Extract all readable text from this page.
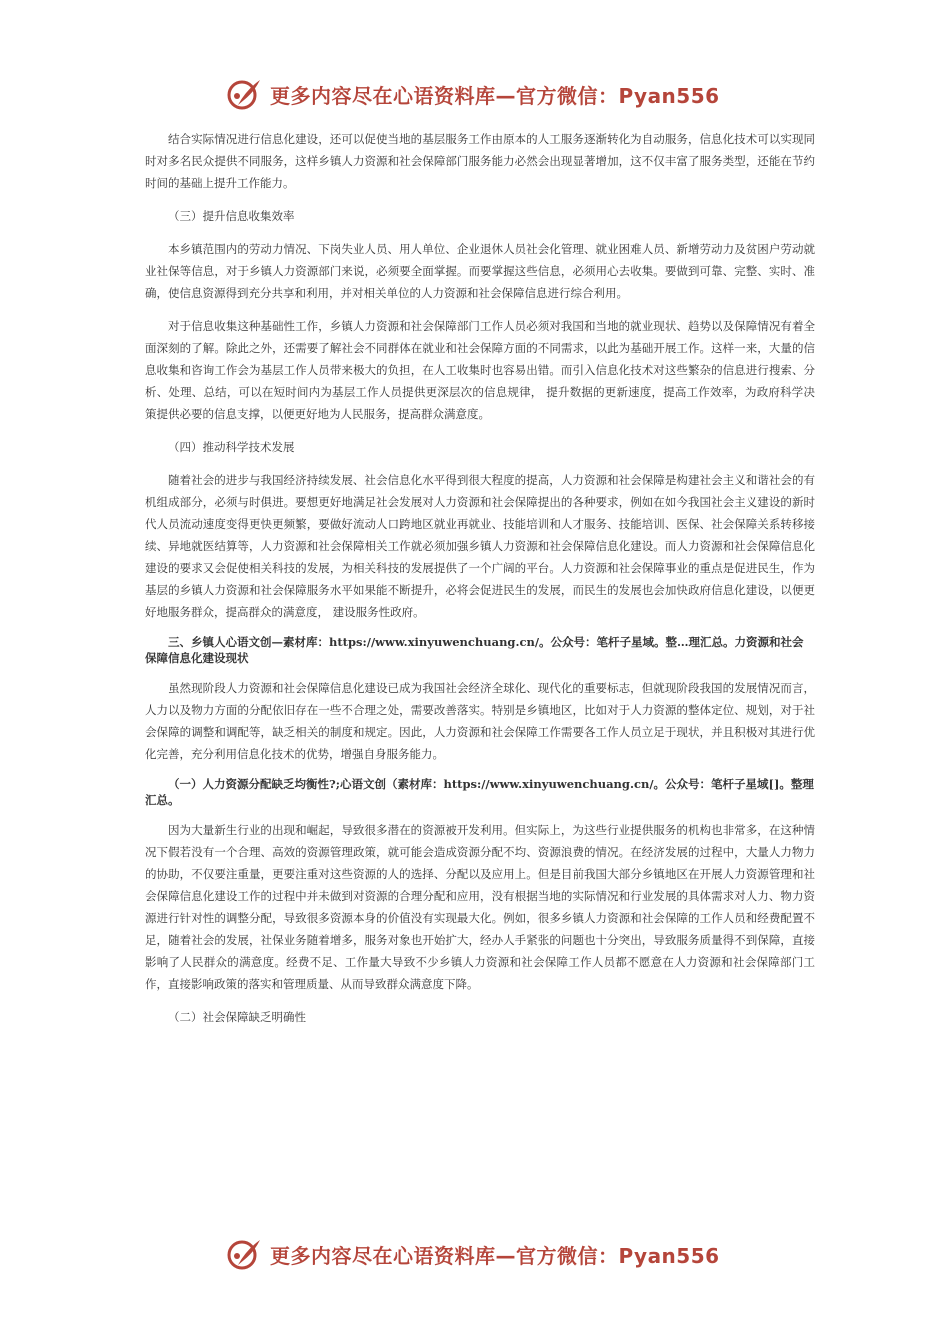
更多内容尽在心语资料库—官方微信：Pyan556

结合实际情况进行信息化建设，还可以促使当地的基层服务工作由原本的人工服务逐渐转化为自动服务，信息化技术可以实现同时对多名民众提供不同服务，这样乡镇人力资源和社会保障部门服务能力必然会出现显著增加，这不仅丰富了服务类型，还能在节约时间的基础上提升工作能力。

（三）提升信息收集效率

本乡镇范围内的劳动力情况、下岗失业人员、用人单位、企业退休人员社会化管理、就业困难人员、新增劳动力及贫困户劳动就业社保等信息，对于乡镇人力资源部门来说，必须要全面掌握。而要掌握这些信息，必须用心去收集。要做到可靠、完整、实时、准确，使信息资源得到充分共享和利用，并对相关单位的人力资源和社会保障信息进行综合利用。

对于信息收集这种基础性工作，乡镇人力资源和社会保障部门工作人员必须对我国和当地的就业现状、趋势以及保障情况有着全面深刻的了解。除此之外，还需要了解社会不同群体在就业和社会保障方面的不同需求，以此为基础开展工作。这样一来，大量的信息收集和咨询工作会为基层工作人员带来极大的负担，在人工收集时也容易出错。而引入信息化技术对这些繁杂的信息进行搜索、分析、处理、总结，可以在短时间内为基层工作人员提供更深层次的信息规律， 提升数据的更新速度，提高工作效率，为政府科学决策提供必要的信息支撑，以便更好地为人民服务，提高群众满意度。

（四）推动科学技术发展

随着社会的进步与我国经济持续发展、社会信息化水平得到很大程度的提高，人力资源和社会保障是构建社会主义和谐社会的有机组成部分，必须与时俱进。要想更好地满足社会发展对人力资源和社会保障提出的各种要求，例如在如今我国社会主义建设的新时代人员流动速度变得更快更频繁，要做好流动人口跨地区就业再就业、技能培训和人才服务、技能培训、医保、社会保障关系转移接续、异地就医结算等，人力资源和社会保障相关工作就必须加强乡镇人力资源和社会保障信息化建设。而人力资源和社会保障信息化建设的要求又会促使相关科技的发展，为相关科技的发展提供了一个广阔的平台。人力资源和社会保障事业的重点是促进民生，作为基层的乡镇人力资源和社会保障服务水平如果能不断提升，必将会促进民生的发展，而民生的发展也会加快政府信息化建设，以便更好地服务群众，提高群众的满意度， 建设服务性政府。

三、乡镇人心语文创—素材库：https://www.xinyuwenchuang.cn/。公众号：笔杆子星域。整…理汇总。力资源和社会保障信息化建设现状

虽然现阶段人力资源和社会保障信息化建设已成为我国社会经济全球化、现代化的重要标志，但就现阶段我国的发展情况而言，人力以及物力方面的分配依旧存在一些不合理之处，需要改善落实。特别是乡镇地区，比如对于人力资源的整体定位、规划，对于社会保障的调整和调配等，缺乏相关的制度和规定。因此，人力资源和社会保障工作需要各工作人员立足于现状，并且积极对其进行优化完善，充分利用信息化技术的优势，增强自身服务能力。

（一）人力资源分配缺乏均衡性?;心语文创（素材库：https://www.xinyuwenchuang.cn/。公众号：笔杆子星域[]。整理汇总。

因为大量新生行业的出现和崛起，导致很多潜在的资源被开发利用。但实际上，为这些行业提供服务的机构也非常多，在这种情况下假若没有一个合理、高效的资源管理政策，就可能会造成资源分配不均、资源浪费的情况。在经济发展的过程中，大量人力物力的协助，不仅要注重量，更要注重对这些资源的人的选择、分配以及应用上。但是目前我国大部分乡镇地区在开展人力资源管理和社会保障信息化建设工作的过程中并未做到对资源的合理分配和应用，没有根据当地的实际情况和行业发展的具体需求对人力、物力资源进行针对性的调整分配，导致很多资源本身的价值没有实现最大化。例如，很多乡镇人力资源和社会保障的工作人员和经费配置不足，随着社会的发展，社保业务随着增多，服务对象也开始扩大，经办人手紧张的问题也十分突出，导致服务质量得不到保障，直接影响了人民群众的满意度。经费不足、工作量大导致不少乡镇人力资源和社会保障工作人员都不愿意在人力资源和社会保障部门工作，直接影响政策的落实和管理质量、从而导致群众满意度下降。

（二）社会保障缺乏明确性

更多内容尽在心语资料库—官方微信：Pyan556
